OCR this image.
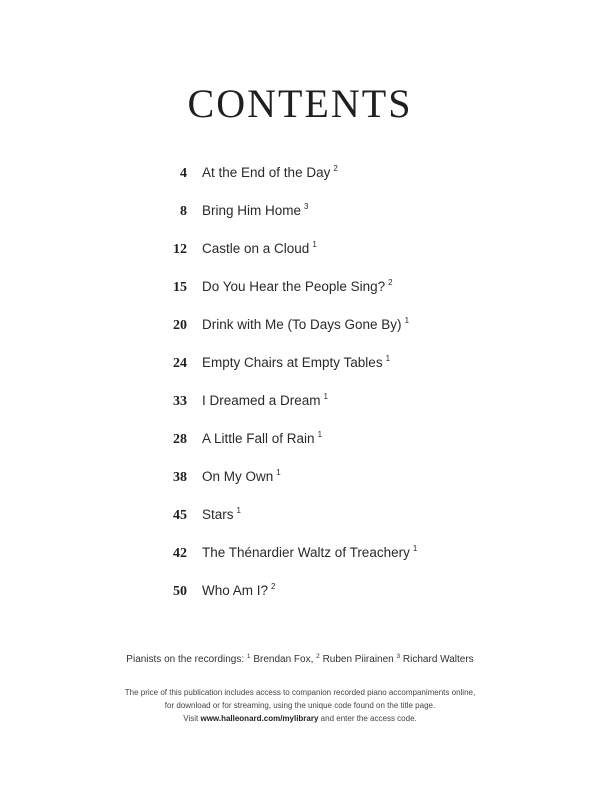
CONTENTS
4 At the End of the Day $^2$
8 Bring Him Home $^3$
12 Castle on a Cloud $^1$
15 Do You Hear the People Sing? $^2$
20 Drink with Me (To Days Gone By) $^1$
24 Empty Chairs at Empty Tables $^1$
33 I Dreamed a Dream $^1$
28 A Little Fall of Rain $^1$
38 On My Own $^1$
45 Stars $^1$
42 The Thénardier Waltz of Treachery $^1$
50 Who Am I? $^2$
Pianists on the recordings: $^1$ Brendan Fox, $^2$ Ruben Piirainen $^3$ Richard Walters
The price of this publication includes access to companion recorded piano accompaniments online,
for download or for streaming, using the unique code found on the title page.
Visit www.halleonard.com/mylibrary and enter the access code.
